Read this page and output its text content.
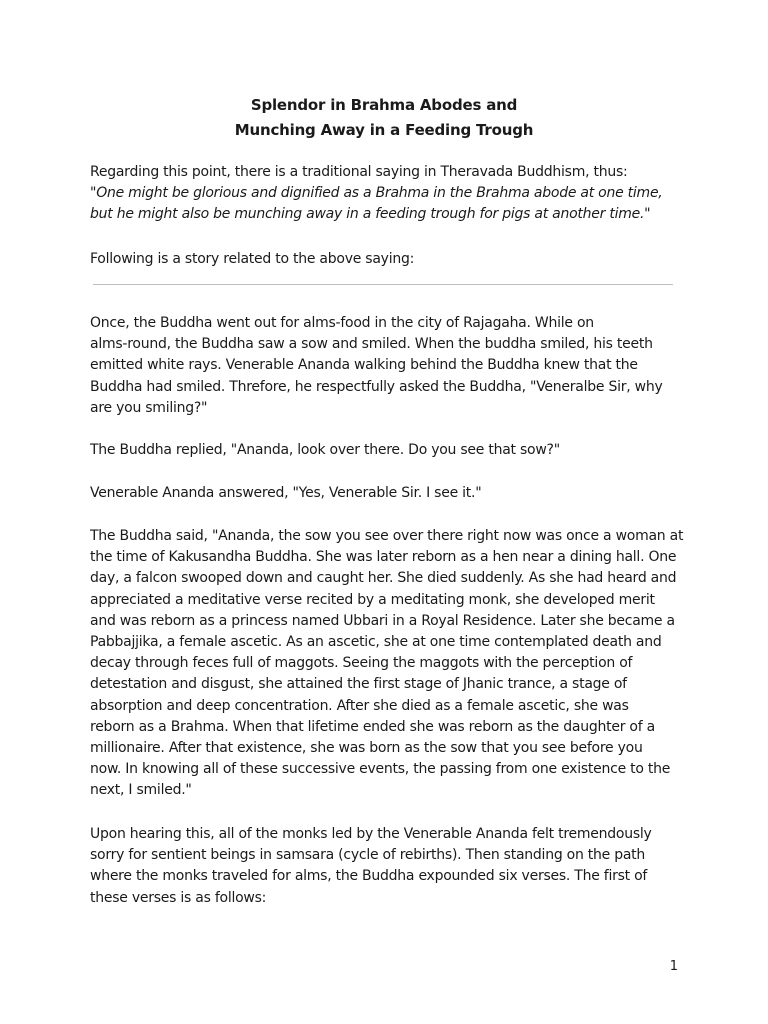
Splendor in Brahma Abodes and
Munching Away in a Feeding Trough
Regarding this point, there is a traditional saying in Theravada Buddhism, thus:
"One might be glorious and dignified as a Brahma in the Brahma abode at one time,
but he might also be munching away in a feeding trough for pigs at another time."
Following is a story related to the above saying:
Once, the Buddha went out for alms-food in the city of Rajagaha. While on
alms-round, the Buddha saw a sow and smiled. When the buddha smiled, his teeth
emitted white rays. Venerable Ananda walking behind the Buddha knew that the
Buddha had smiled. Threfore, he respectfully asked the Buddha, "Veneralbe Sir, why
are you smiling?"
The Buddha replied, "Ananda, look over there. Do you see that sow?"
Venerable Ananda answered, "Yes, Venerable Sir. I see it."
The Buddha said, "Ananda, the sow you see over there right now was once a woman at
the time of Kakusandha Buddha. She was later reborn as a hen near a dining hall. One
day, a falcon swooped down and caught her. She died suddenly. As she had heard and
appreciated a meditative verse recited by a meditating monk, she developed merit
and was reborn as a princess named Ubbari in a Royal Residence. Later she became a
Pabbajjika, a female ascetic. As an ascetic, she at one time contemplated death and
decay through feces full of maggots. Seeing the maggots with the perception of
detestation and disgust, she attained the first stage of Jhanic trance, a stage of
absorption and deep concentration. After she died as a female ascetic, she was
reborn as a Brahma. When that lifetime ended she was reborn as the daughter of a
millionaire. After that existence, she was born as the sow that you see before you
now. In knowing all of these successive events, the passing from one existence to the
next, I smiled."
Upon hearing this, all of the monks led by the Venerable Ananda felt tremendously
sorry for sentient beings in samsara (cycle of rebirths). Then standing on the path
where the monks traveled for alms, the Buddha expounded six verses. The first of
these verses is as follows:
1
